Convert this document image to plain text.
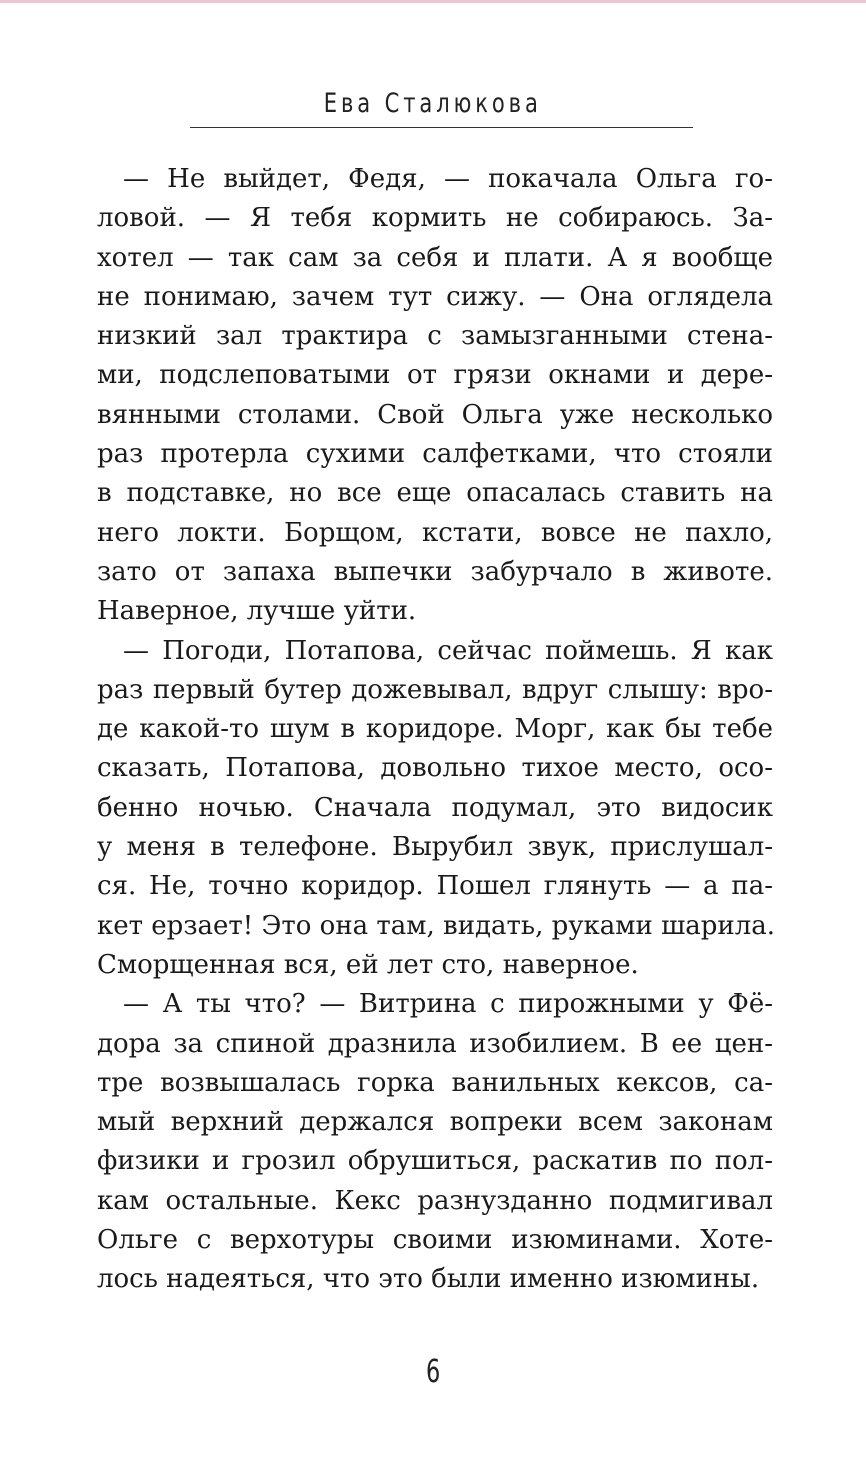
Ева Сталюкова
— Не выйдет, Федя, — покачала Ольга го-
ловой. — Я тебя кормить не собираюсь. За-
хотел — так сам за себя и плати. А я вообще
не понимаю, зачем тут сижу. — Она оглядела
низкий зал трактира с замызганными стена-
ми, подслеповатыми от грязи окнами и дере-
вянными столами. Свой Ольга уже несколько
раз протерла сухими салфетками, что стояли
в подставке, но все еще опасалась ставить на
него локти. Борщом, кстати, вовсе не пахло,
зато от запаха выпечки забурчало в животе.
Наверное, лучше уйти.
— Погоди, Потапова, сейчас поймешь. Я как
раз первый бутер дожевывал, вдруг слышу: вро-
де какой-то шум в коридоре. Морг, как бы тебе
сказать, Потапова, довольно тихое место, осо-
бенно ночью. Сначала подумал, это видосик
у меня в телефоне. Вырубил звук, прислушал-
ся. Не, точно коридор. Пошел глянуть — а па-
кет ерзает! Это она там, видать, руками шарила.
Сморщенная вся, ей лет сто, наверное.
— А ты что? — Витрина с пирожными у Фё-
дора за спиной дразнила изобилием. В ее цен-
тре возвышалась горка ванильных кексов, са-
мый верхний держался вопреки всем законам
физики и грозил обрушиться, раскатив по пол-
кам остальные. Кекс разнузданно подмигивал
Ольге с верхотуры своими изюминами. Хоте-
лось надеяться, что это были именно изюмины.
6
